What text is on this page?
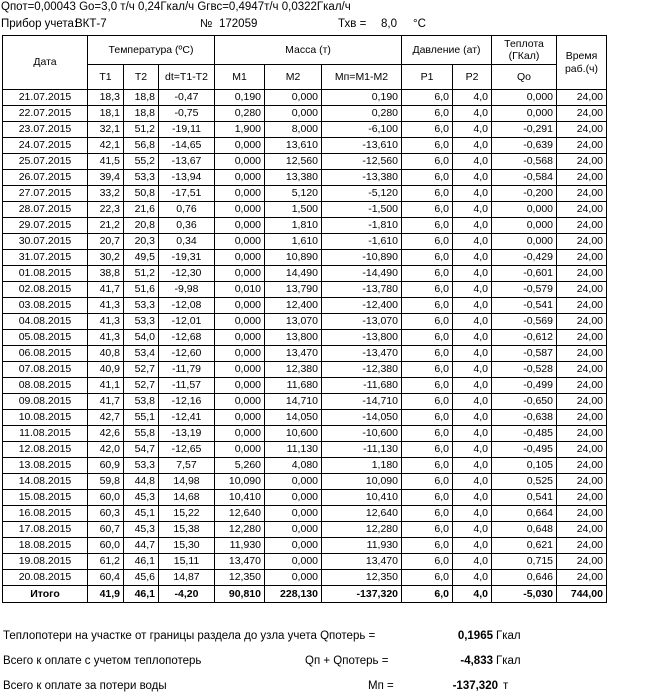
Qпот=0,00043 Gо=3,0 т/ч 0,24Гкал/ч Gгвс=0,4947т/ч 0,0322Гкал/ч
Прибор учета:
ВКТ-7	№ 172059	Тхв = 8,0 °C
Дата	Температура (ºC)			Масса (т)			Давление (ат)		Теплота (ГКал)	Время раб.(ч)
	Т1	Т2	dt=T1-T2	M1	M2	Mп=M1-M2	P1	P2	Qо	
21.07.2015	18,3	18,8	-0,47	0,190	0,000	0,190	6,0	4,0	0,000	24,00
22.07.2015	18,1	18,8	-0,75	0,280	0,000	0,280	6,0	4,0	0,000	24,00
23.07.2015	32,1	51,2	-19,11	1,900	8,000	-6,100	6,0	4,0	-0,291	24,00
24.07.2015	42,1	56,8	-14,65	0,000	13,610	-13,610	6,0	4,0	-0,639	24,00
25.07.2015	41,5	55,2	-13,67	0,000	12,560	-12,560	6,0	4,0	-0,568	24,00
26.07.2015	39,4	53,3	-13,94	0,000	13,380	-13,380	6,0	4,0	-0,584	24,00
27.07.2015	33,2	50,8	-17,51	0,000	5,120	-5,120	6,0	4,0	-0,200	24,00
28.07.2015	22,3	21,6	0,76	0,000	1,500	-1,500	6,0	4,0	0,000	24,00
29.07.2015	21,2	20,8	0,36	0,000	1,810	-1,810	6,0	4,0	0,000	24,00
30.07.2015	20,7	20,3	0,34	0,000	1,610	-1,610	6,0	4,0	0,000	24,00
31.07.2015	30,2	49,5	-19,31	0,000	10,890	-10,890	6,0	4,0	-0,429	24,00
01.08.2015	38,8	51,2	-12,30	0,000	14,490	-14,490	6,0	4,0	-0,601	24,00
02.08.2015	41,7	51,6	-9,98	0,010	13,790	-13,780	6,0	4,0	-0,579	24,00
03.08.2015	41,3	53,3	-12,08	0,000	12,400	-12,400	6,0	4,0	-0,541	24,00
04.08.2015	41,3	53,3	-12,01	0,000	13,070	-13,070	6,0	4,0	-0,569	24,00
05.08.2015	41,3	54,0	-12,68	0,000	13,800	-13,800	6,0	4,0	-0,612	24,00
06.08.2015	40,8	53,4	-12,60	0,000	13,470	-13,470	6,0	4,0	-0,587	24,00
07.08.2015	40,9	52,7	-11,79	0,000	12,380	-12,380	6,0	4,0	-0,528	24,00
08.08.2015	41,1	52,7	-11,57	0,000	11,680	-11,680	6,0	4,0	-0,499	24,00
09.08.2015	41,7	53,8	-12,16	0,000	14,710	-14,710	6,0	4,0	-0,650	24,00
10.08.2015	42,7	55,1	-12,41	0,000	14,050	-14,050	6,0	4,0	-0,638	24,00
11.08.2015	42,6	55,8	-13,19	0,000	10,600	-10,600	6,0	4,0	-0,485	24,00
12.08.2015	42,0	54,7	-12,65	0,000	11,130	-11,130	6,0	4,0	-0,495	24,00
13.08.2015	60,9	53,3	7,57	5,260	4,080	1,180	6,0	4,0	0,105	24,00
14.08.2015	59,8	44,8	14,98	10,090	0,000	10,090	6,0	4,0	0,525	24,00
15.08.2015	60,0	45,3	14,68	10,410	0,000	10,410	6,0	4,0	0,541	24,00
16.08.2015	60,3	45,1	15,22	12,640	0,000	12,640	6,0	4,0	0,664	24,00
17.08.2015	60,7	45,3	15,38	12,280	0,000	12,280	6,0	4,0	0,648	24,00
18.08.2015	60,0	44,7	15,30	11,930	0,000	11,930	6,0	4,0	0,621	24,00
19.08.2015	61,2	46,1	15,11	13,470	0,000	13,470	6,0	4,0	0,715	24,00
20.08.2015	60,4	45,6	14,87	12,350	0,000	12,350	6,0	4,0	0,646	24,00
Итого	41,9	46,1	-4,20	90,810	228,130	-137,320	6,0	4,0	-5,030	744,00
Теплопотери на участке от границы раздела до узла учета Qпотерь =	0,1965 Гкал
Всего к оплате с учетом теплопотерь	Qп + Qпотерь =	-4,833 Гкал
Всего к оплате за потери воды	Мп =	-137,320 т
